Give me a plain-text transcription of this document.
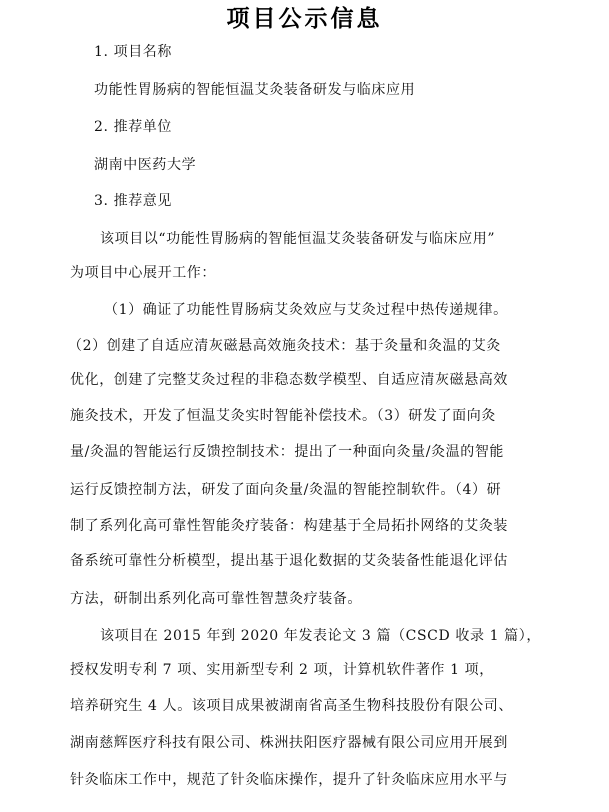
项目公示信息
1. 项目名称
功能性胃肠病的智能恒温艾灸装备研发与临床应用
2. 推荐单位
湖南中医药大学
3. 推荐意见
该项目以“功能性胃肠病的智能恒温艾灸装备研发与临床应用”
为项目中心展开工作：
（1）确证了功能性胃肠病艾灸效应与艾灸过程中热传递规律。
（2）创建了自适应清灰磁悬高效施灸技术：基于灸量和灸温的艾灸
优化，创建了完整艾灸过程的非稳态数学模型、自适应清灰磁悬高效
施灸技术，开发了恒温艾灸实时智能补偿技术。（3）研发了面向灸
量/灸温的智能运行反馈控制技术：提出了一种面向灸量/灸温的智能
运行反馈控制方法，研发了面向灸量/灸温的智能控制软件。（4）研
制了系列化高可靠性智能灸疗装备：构建基于全局拓扑网络的艾灸装
备系统可靠性分析模型，提出基于退化数据的艾灸装备性能退化评估
方法，研制出系列化高可靠性智慧灸疗装备。
该项目在 2015 年到 2020 年发表论文 3 篇（CSCD 收录 1 篇），
授权发明专利 7 项、实用新型专利 2 项，计算机软件著作 1 项，
培养研究生 4 人。该项目成果被湖南省高圣生物科技股份有限公司、
湖南慈辉医疗科技有限公司、株洲扶阳医疗器械有限公司应用开展到
针灸临床工作中，规范了针灸临床操作，提升了针灸临床应用水平与
